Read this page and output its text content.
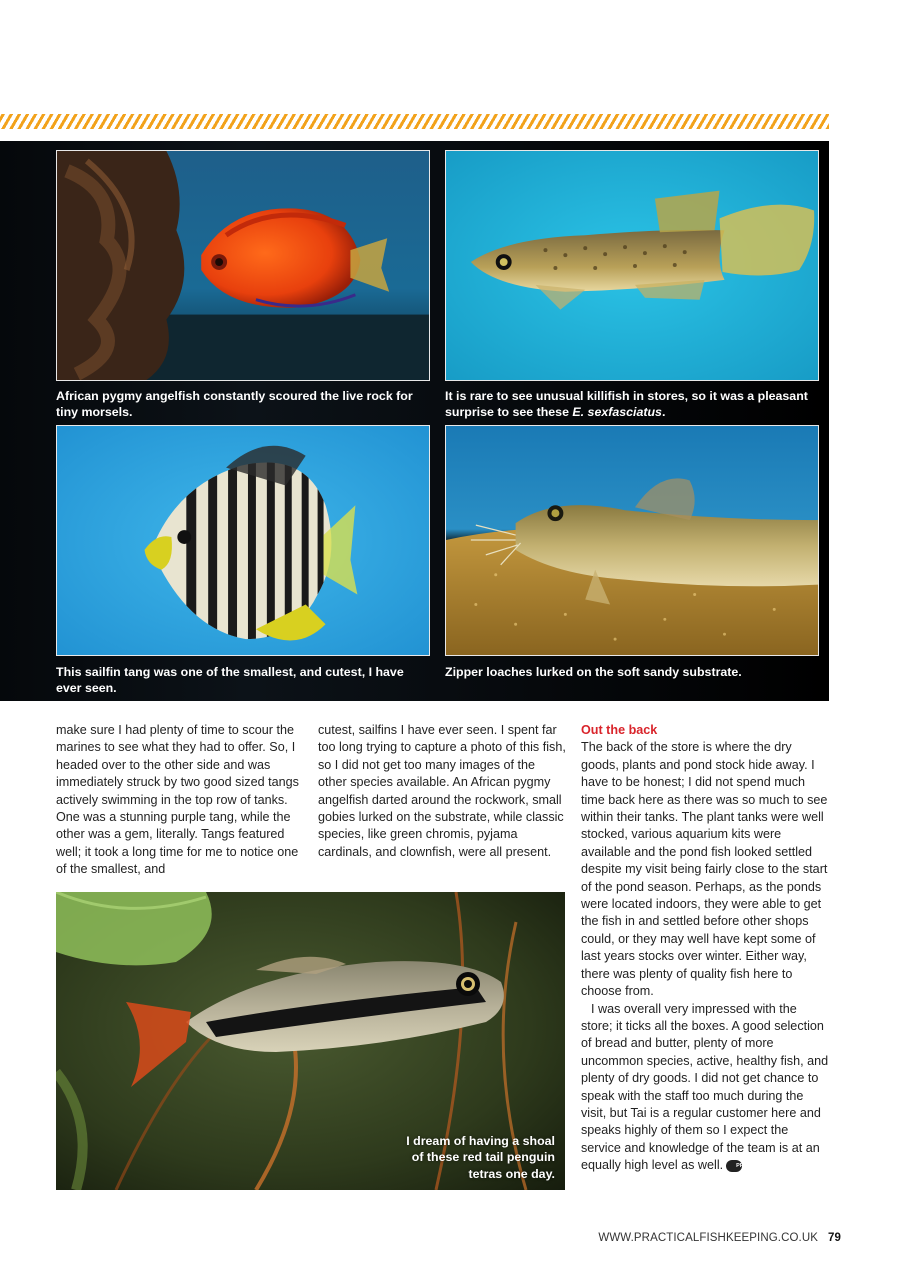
African pygmy angelfish constantly scoured the live rock for tiny morsels.
It is rare to see unusual killifish in stores, so it was a pleasant surprise to see these E. sexfasciatus.
This sailfin tang was one of the smallest, and cutest, I have ever seen.
Zipper loaches lurked on the soft sandy substrate.

make sure I had plenty of time to scour the marines to see what they had to offer. So, I headed over to the other side and was immediately struck by two good sized tangs actively swimming in the top row of tanks. One was a stunning purple tang, while the other was a gem, literally. Tangs featured well; it took a long time for me to notice one of the smallest, and

cutest, sailfins I have ever seen. I spent far too long trying to capture a photo of this fish, so I did not get too many images of the other species available. An African pygmy angelfish darted around the rockwork, small gobies lurked on the substrate, while classic species, like green chromis, pyjama cardinals, and clownfish, were all present.

Out the back

The back of the store is where the dry goods, plants and pond stock hide away. I have to be honest; I did not spend much time back here as there was so much to see within their tanks. The plant tanks were well stocked, various aquarium kits were available and the pond fish looked settled despite my visit being fairly close to the start of the pond season. Perhaps, as the ponds were located indoors, they were able to get the fish in and settled before other shops could, or they may well have kept some of last years stocks over winter. Either way, there was plenty of quality fish here to choose from.

I was overall very impressed with the store; it ticks all the boxes. A good selection of bread and butter, plenty of more uncommon species, active, healthy fish, and plenty of dry goods. I did not get chance to speak with the staff too much during the visit, but Tai is a regular customer here and speaks highly of them so I expect the service and knowledge of the team is at an equally high level as well. PFK

I dream of having a shoal of these red tail penguin tetras one day.
WWW.PRACTICALFISHKEEPING.CO.UK 79
